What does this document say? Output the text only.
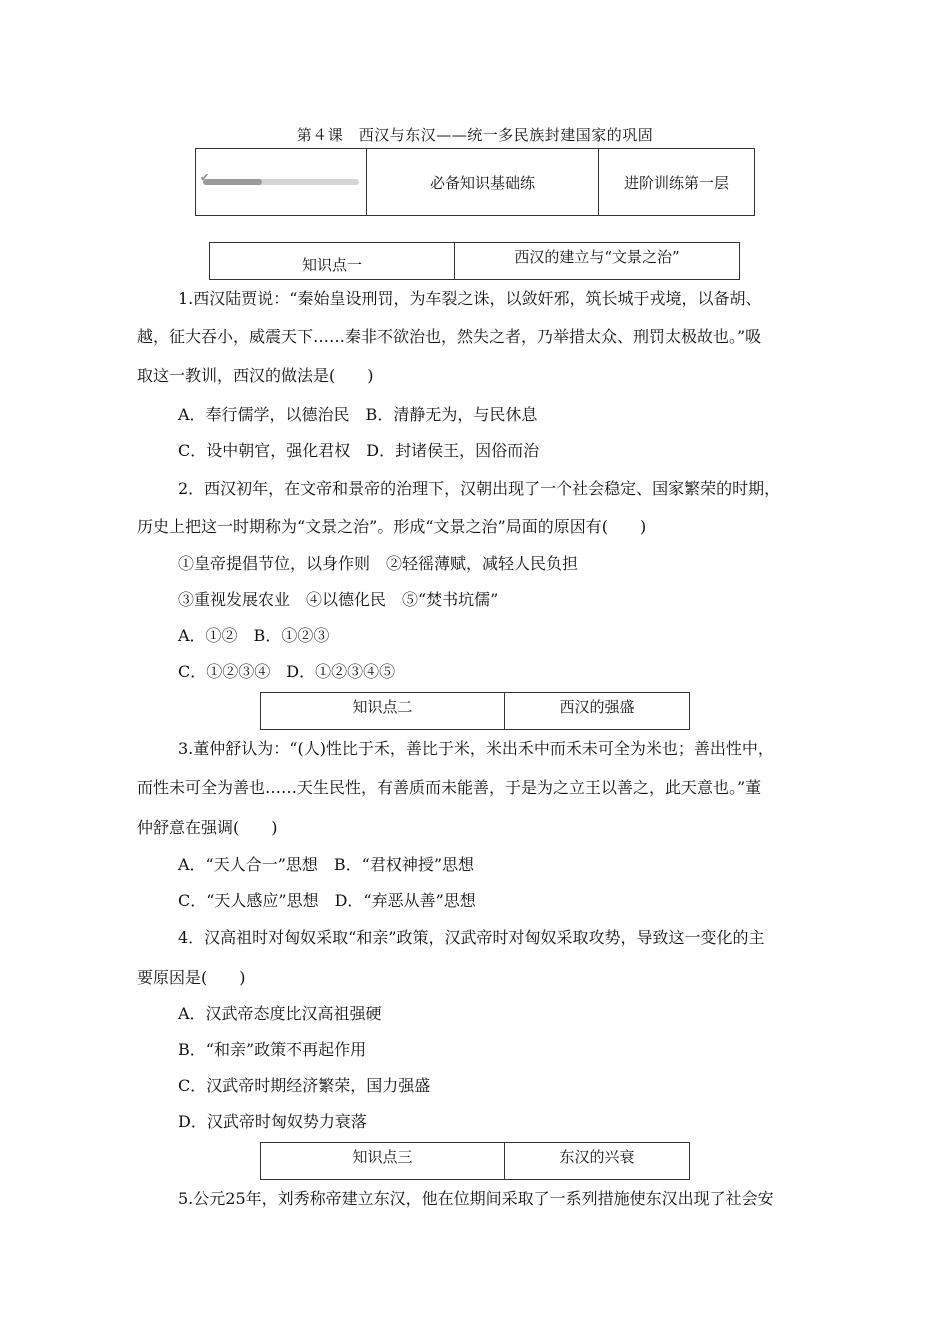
第４课　西汉与东汉——统一多民族封建国家的巩固
✔	必备知识基础练	进阶训练第一层
知识点一	西汉的建立与“文景之治”
1.西汉陆贾说：“秦始皇设刑罚，为车裂之诛，以敛奸邪，筑长城于戎境，以备胡、
越，征大吞小，威震天下……秦非不欲治也，然失之者，乃举措太众、刑罚太极故也。”吸
取这一教训，西汉的做法是(　　)
A．奉行儒学，以德治民　B．清静无为，与民休息
C．设中朝官，强化君权　D．封诸侯王，因俗而治
2．西汉初年，在文帝和景帝的治理下，汉朝出现了一个社会稳定、国家繁荣的时期，
历史上把这一时期称为“文景之治”。形成“文景之治”局面的原因有(　　)
①皇帝提倡节位，以身作则　②轻徭薄赋，减轻人民负担
③重视发展农业　④以德化民　⑤“焚书坑儒”
A．①②　B．①②③
C．①②③④　D．①②③④⑤
知识点二	西汉的强盛
3.董仲舒认为：“(人)性比于禾，善比于米，米出禾中而禾未可全为米也；善出性中，
而性未可全为善也……天生民性，有善质而未能善，于是为之立王以善之，此天意也。”董
仲舒意在强调(　　)
A．“天人合一”思想　B．“君权神授”思想
C．“天人感应”思想　D．“弃恶从善”思想
4．汉高祖时对匈奴采取“和亲”政策，汉武帝时对匈奴采取攻势，导致这一变化的主
要原因是(　　)
A．汉武帝态度比汉高祖强硬
B．“和亲”政策不再起作用
C．汉武帝时期经济繁荣，国力强盛
D．汉武帝时匈奴势力衰落
知识点三	东汉的兴衰
5.公元25年，刘秀称帝建立东汉，他在位期间采取了一系列措施使东汉出现了社会安
